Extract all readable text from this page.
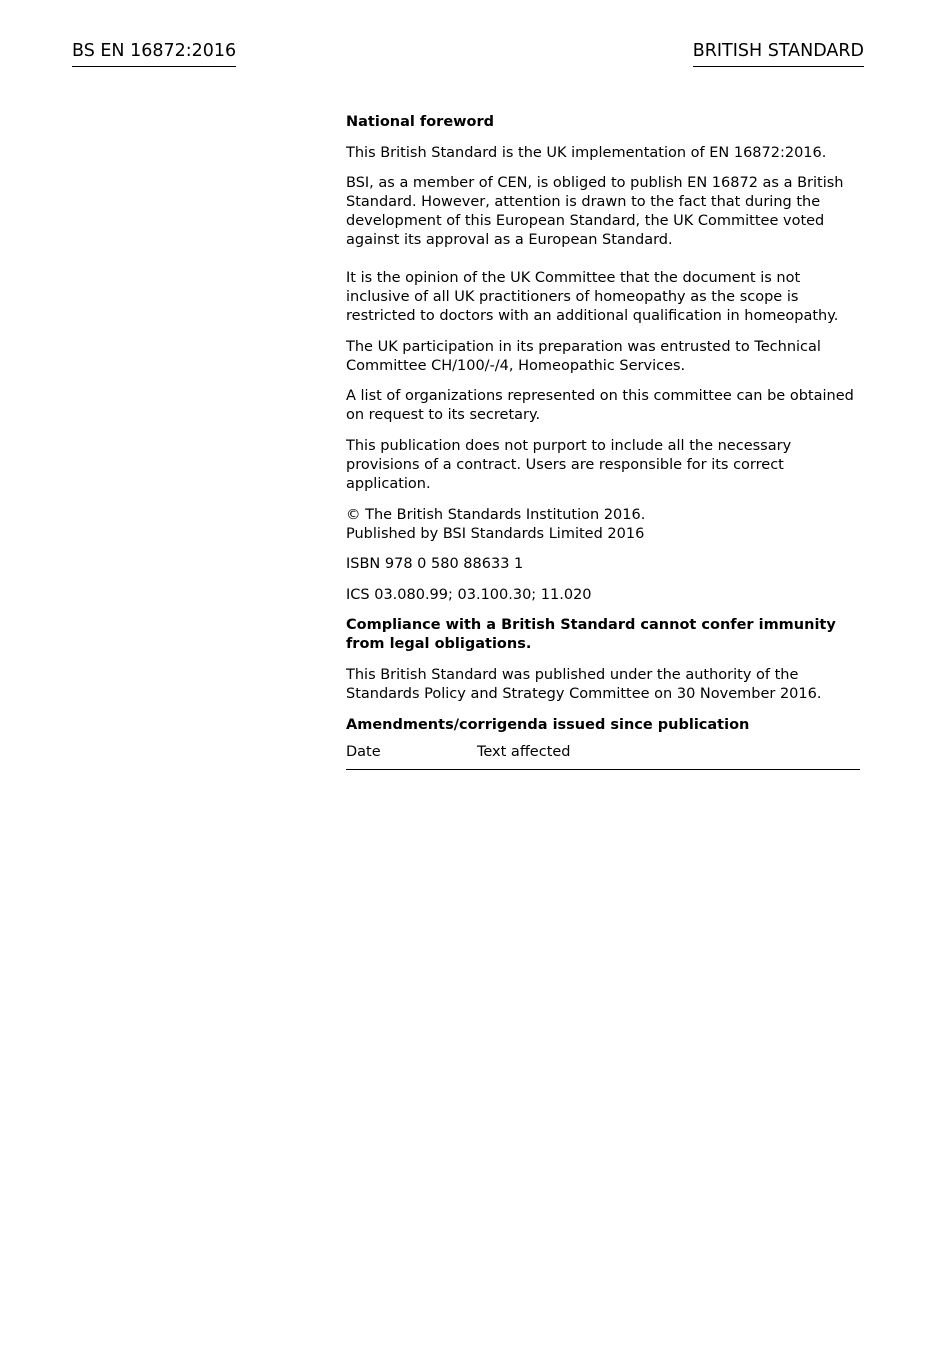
BS EN 16872:2016	BRITISH STANDARD

National foreword

This British Standard is the UK implementation of EN 16872:2016.

BSI, as a member of CEN, is obliged to publish EN 16872 as a British Standard. However, attention is drawn to the fact that during the development of this European Standard, the UK Committee voted against its approval as a European Standard.

It is the opinion of the UK Committee that the document is not inclusive of all UK practitioners of homeopathy as the scope is restricted to doctors with an additional qualification in homeopathy.

The UK participation in its preparation was entrusted to Technical Committee CH/100/-/4, Homeopathic Services.

A list of organizations represented on this committee can be obtained on request to its secretary.

This publication does not purport to include all the necessary provisions of a contract. Users are responsible for its correct application.

© The British Standards Institution 2016.

Published by BSI Standards Limited 2016

ISBN 978 0 580 88633 1

ICS 03.080.99; 03.100.30; 11.020

Compliance with a British Standard cannot confer immunity from legal obligations.

This British Standard was published under the authority of the Standards Policy and Strategy Committee on 30 November 2016.

Amendments/corrigenda issued since publication

Date	Text affected
